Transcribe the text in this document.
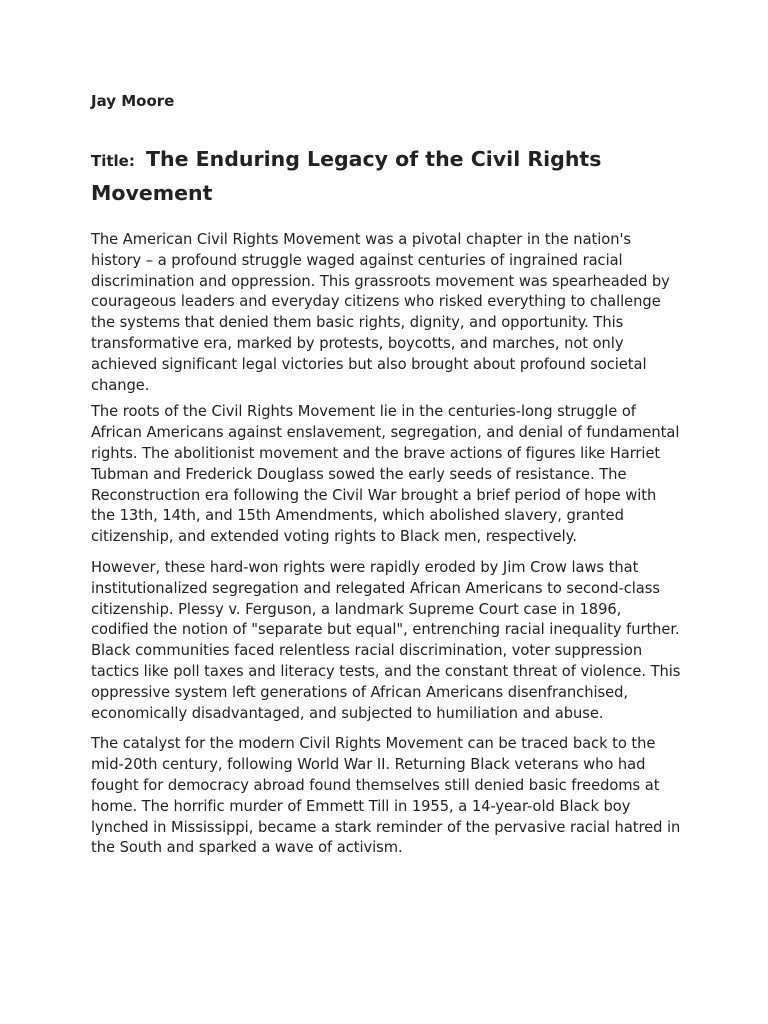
Jay Moore

Title: The Enduring Legacy of the Civil Rights Movement

The American Civil Rights Movement was a pivotal chapter in the nation's history – a profound struggle waged against centuries of ingrained racial discrimination and oppression. This grassroots movement was spearheaded by courageous leaders and everyday citizens who risked everything to challenge the systems that denied them basic rights, dignity, and opportunity. This transformative era, marked by protests, boycotts, and marches, not only achieved significant legal victories but also brought about profound societal change.

The roots of the Civil Rights Movement lie in the centuries-long struggle of African Americans against enslavement, segregation, and denial of fundamental rights. The abolitionist movement and the brave actions of figures like Harriet Tubman and Frederick Douglass sowed the early seeds of resistance. The Reconstruction era following the Civil War brought a brief period of hope with the 13th, 14th, and 15th Amendments, which abolished slavery, granted citizenship, and extended voting rights to Black men, respectively.

However, these hard-won rights were rapidly eroded by Jim Crow laws that institutionalized segregation and relegated African Americans to second-class citizenship. Plessy v. Ferguson, a landmark Supreme Court case in 1896, codified the notion of "separate but equal", entrenching racial inequality further. Black communities faced relentless racial discrimination, voter suppression tactics like poll taxes and literacy tests, and the constant threat of violence. This oppressive system left generations of African Americans disenfranchised, economically disadvantaged, and subjected to humiliation and abuse.

The catalyst for the modern Civil Rights Movement can be traced back to the mid-20th century, following World War II. Returning Black veterans who had fought for democracy abroad found themselves still denied basic freedoms at home. The horrific murder of Emmett Till in 1955, a 14-year-old Black boy lynched in Mississippi, became a stark reminder of the pervasive racial hatred in the South and sparked a wave of activism.
